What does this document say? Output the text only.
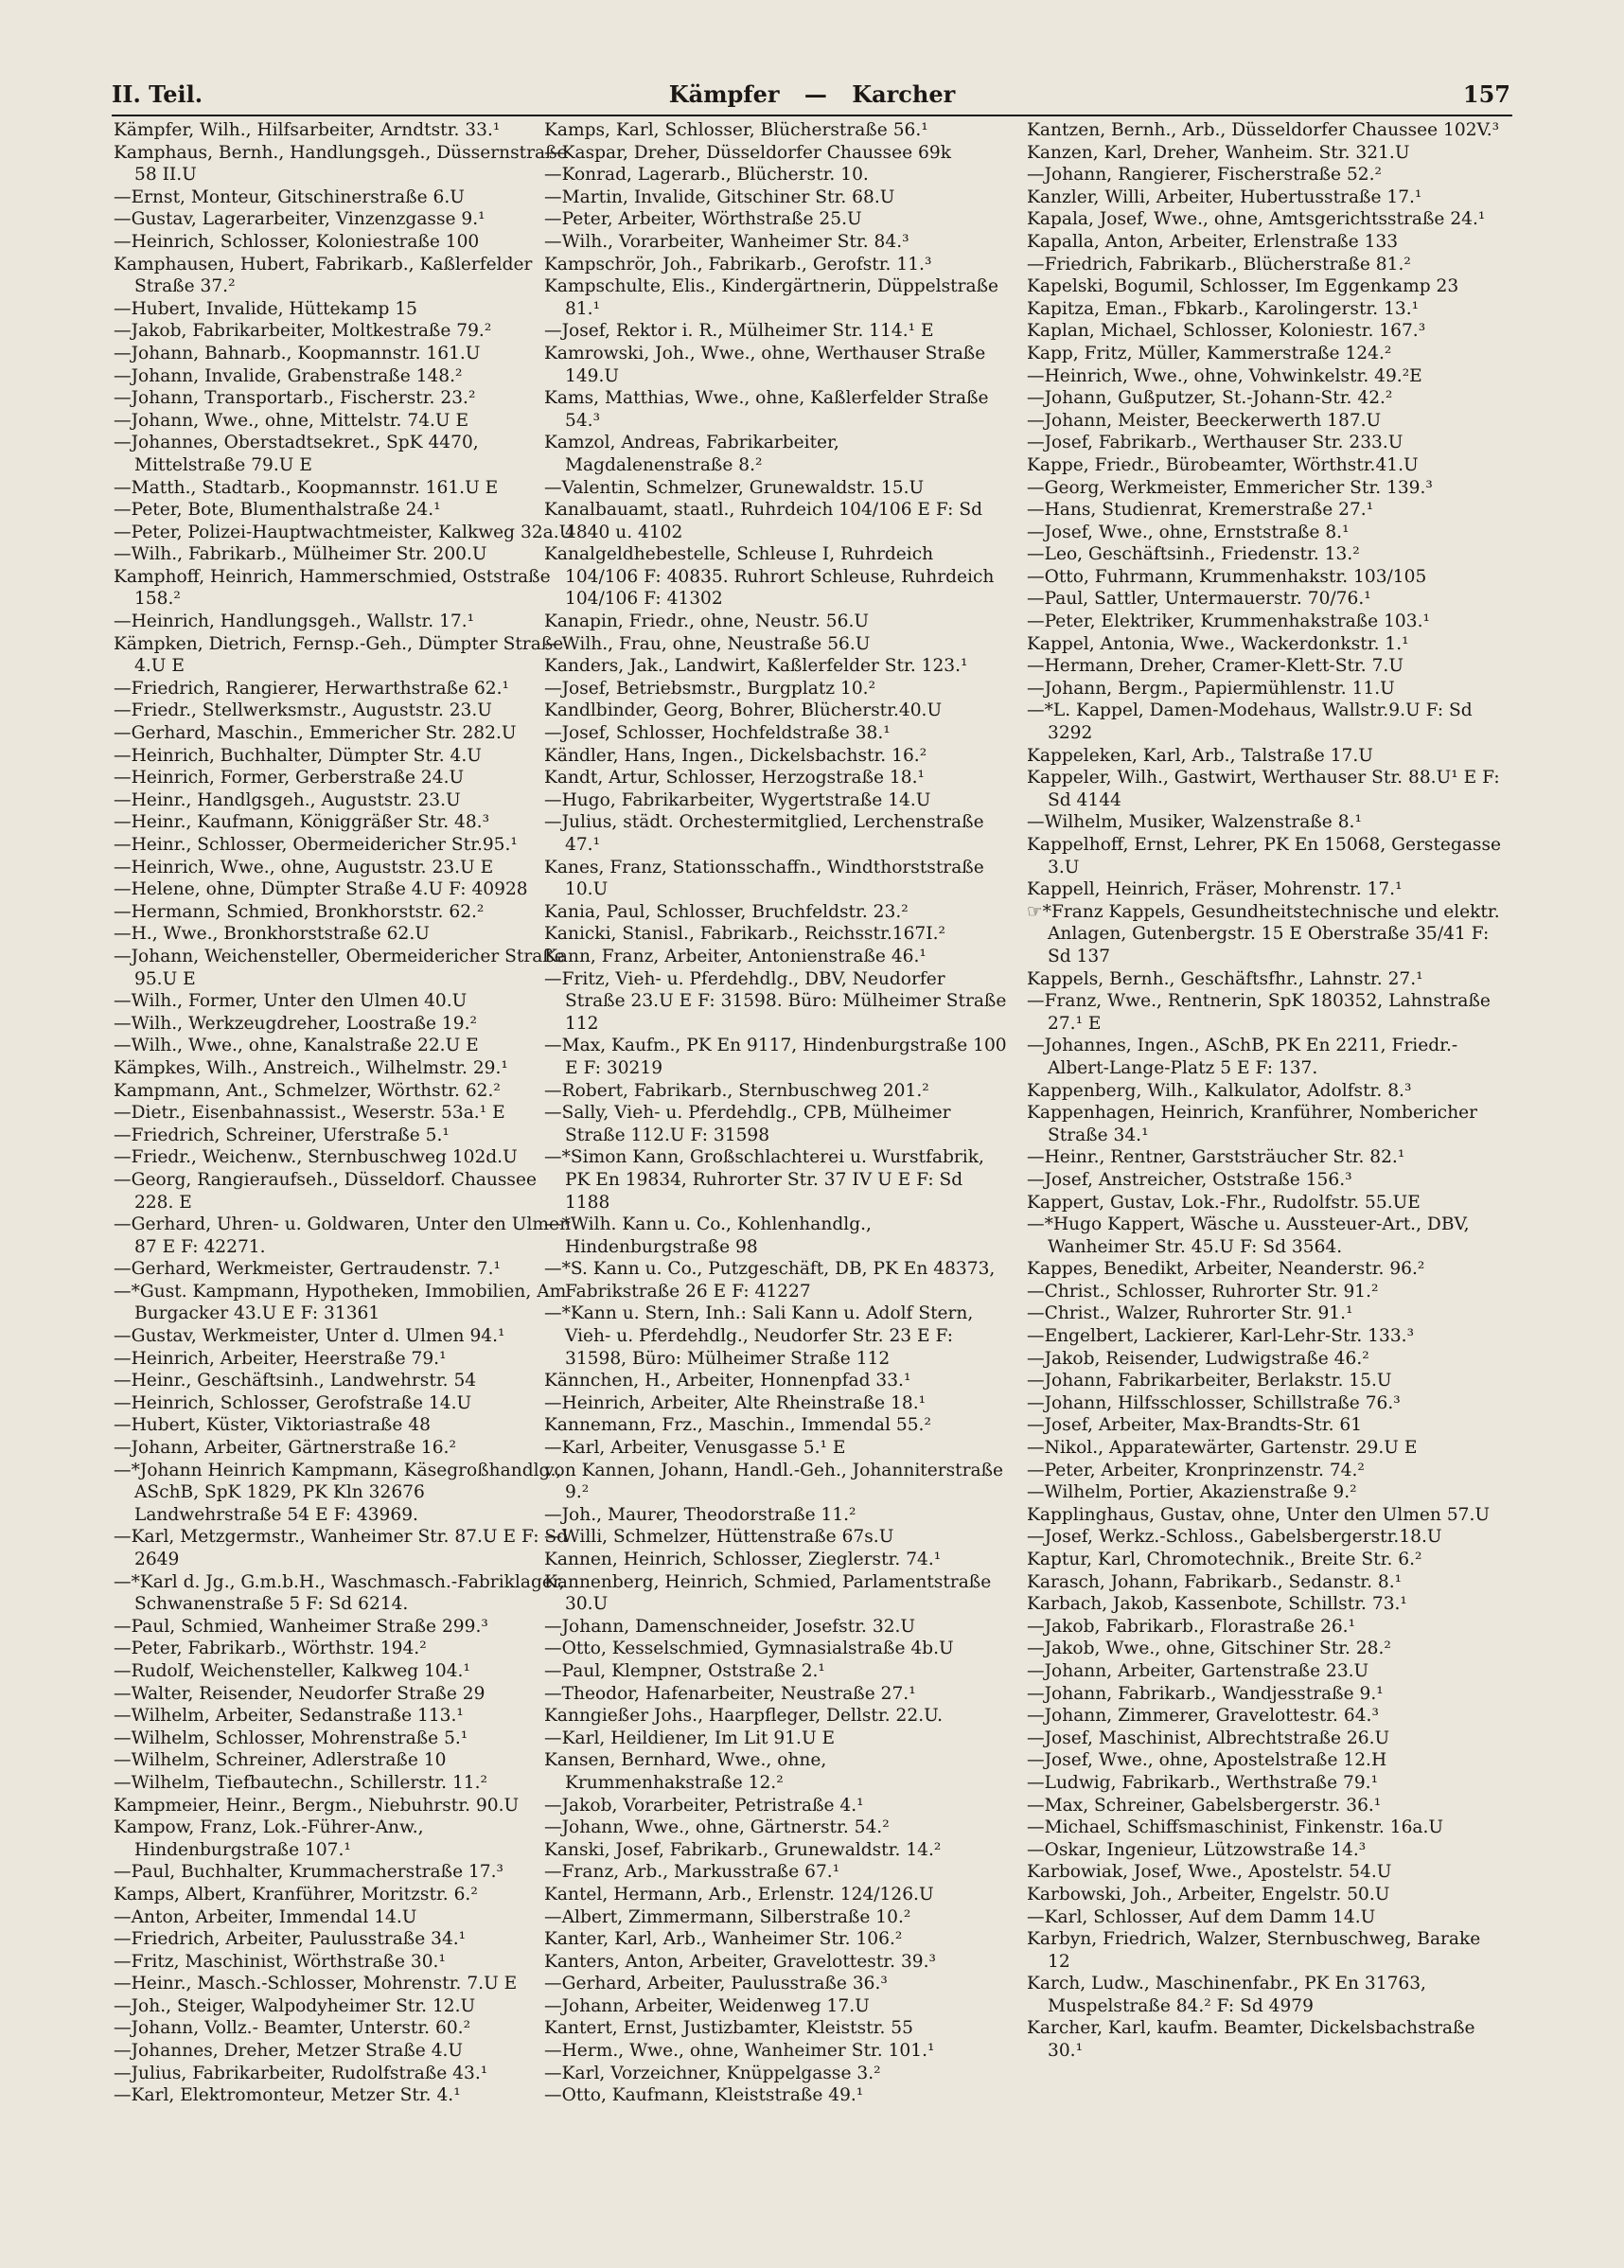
II. Teil.	Kämpfer — Karcher	157
Kämpfer, Wilh., Hilfsarbeiter, Arndtstr. 33.¹
Kamphaus, Bernh., Handlungsgeh., Düssernstraße 58 II.U
—Ernst, Monteur, Gitschinerstraße 6.U
—Gustav, Lagerarbeiter, Vinzenzgasse 9.¹
—Heinrich, Schlosser, Koloniestraße 100
Kamphausen, Hubert, Fabrikarb., Kaßlerfelder Straße 37.²
—Hubert, Invalide, Hüttekamp 15
—Jakob, Fabrikarbeiter, Moltkestraße 79.²
—Johann, Bahnarb., Koopmannstr. 161.U
—Johann, Invalide, Grabenstraße 148.²
—Johann, Transportarb., Fischerstr. 23.²
—Johann, Wwe., ohne, Mittelstr. 74.U E
—Johannes, Oberstadtsekret., SpK 4470, Mittelstraße 79.U E
—Matth., Stadtarb., Koopmannstr. 161.U E
—Peter, Bote, Blumenthalstraße 24.¹
—Peter, Polizei-Hauptwachtmeister, Kalkweg 32a.U
—Wilh., Fabrikarb., Mülheimer Str. 200.U
Kamphoff, Heinrich, Hammerschmied, Oststraße 158.²
—Heinrich, Handlungsgeh., Wallstr. 17.¹
Kämpken, Dietrich, Fernsp.-Geh., Dümpter Straße 4.U E
—Friedrich, Rangierer, Herwarthstraße 62.¹
—Friedr., Stellwerksmstr., Auguststr. 23.U
—Gerhard, Maschin., Emmericher Str. 282.U
—Heinrich, Buchhalter, Dümpter Str. 4.U
—Heinrich, Former, Gerberstraße 24.U
—Heinr., Handlgsgeh., Auguststr. 23.U
—Heinr., Kaufmann, Königgräßer Str. 48.³
—Heinr., Schlosser, Obermeidericher Str.95.¹
—Heinrich, Wwe., ohne, Auguststr. 23.U E
—Helene, ohne, Dümpter Straße 4.U F: 40928
—Hermann, Schmied, Bronkhorststr. 62.²
—H., Wwe., Bronkhorststraße 62.U
—Johann, Weichensteller, Obermeidericher Straße 95.U E
—Wilh., Former, Unter den Ulmen 40.U
—Wilh., Werkzeugdreher, Loostraße 19.²
—Wilh., Wwe., ohne, Kanalstraße 22.U E
Kämpkes, Wilh., Anstreich., Wilhelmstr. 29.¹
Kampmann, Ant., Schmelzer, Wörthstr. 62.²
—Dietr., Eisenbahnassist., Weserstr. 53a.¹ E
—Friedrich, Schreiner, Uferstraße 5.¹
—Friedr., Weichenw., Sternbuschweg 102d.U
—Georg, Rangieraufseh., Düsseldorf. Chaussee 228. E
—Gerhard, Uhren- u. Goldwaren, Unter den Ulmen 87 E F: 42271.
—Gerhard, Werkmeister, Gertraudenstr. 7.¹
—*Gust. Kampmann, Hypotheken, Immobilien, Am Burgacker 43.U E F: 31361
—Gustav, Werkmeister, Unter d. Ulmen 94.¹
—Heinrich, Arbeiter, Heerstraße 79.¹
—Heinr., Geschäftsinh., Landwehrstr. 54
—Heinrich, Schlosser, Gerofstraße 14.U
—Hubert, Küster, Viktoriastraße 48
—Johann, Arbeiter, Gärtnerstraße 16.²
—*Johann Heinrich Kampmann, Käsegroßhandlg., ASchB, SpK 1829, PK Kln 32676 Landwehrstraße 54 E F: 43969.
—Karl, Metzgermstr., Wanheimer Str. 87.U E F: Sd 2649
—*Karl d. Jg., G.m.b.H., Waschmasch.-Fabriklager, Schwanenstraße 5 F: Sd 6214.
—Paul, Schmied, Wanheimer Straße 299.³
—Peter, Fabrikarb., Wörthstr. 194.²
—Rudolf, Weichensteller, Kalkweg 104.¹
—Walter, Reisender, Neudorfer Straße 29
—Wilhelm, Arbeiter, Sedanstraße 113.¹
—Wilhelm, Schlosser, Mohrenstraße 5.¹
—Wilhelm, Schreiner, Adlerstraße 10
—Wilhelm, Tiefbautechn., Schillerstr. 11.²
Kampmeier, Heinr., Bergm., Niebuhrstr. 90.U
Kampow, Franz, Lok.-Führer-Anw., Hindenburgstraße 107.¹
—Paul, Buchhalter, Krummacherstraße 17.³
Kamps, Albert, Kranführer, Moritzstr. 6.²
—Anton, Arbeiter, Immendal 14.U
—Friedrich, Arbeiter, Paulusstraße 34.¹
—Fritz, Maschinist, Wörthstraße 30.¹
—Heinr., Masch.-Schlosser, Mohrenstr. 7.U E
—Joh., Steiger, Walpodyheimer Str. 12.U
—Johann, Vollz.- Beamter, Unterstr. 60.²
—Johannes, Dreher, Metzer Straße 4.U
—Julius, Fabrikarbeiter, Rudolfstraße 43.¹
—Karl, Elektromonteur, Metzer Str. 4.¹
Kamps, Karl, Schlosser, Blücherstraße 56.¹
—Kaspar, Dreher, Düsseldorfer Chaussee 69k
—Konrad, Lagerarb., Blücherstr. 10.
—Martin, Invalide, Gitschiner Str. 68.U
—Peter, Arbeiter, Wörthstraße 25.U
—Wilh., Vorarbeiter, Wanheimer Str. 84.³
Kampschrör, Joh., Fabrikarb., Gerofstr. 11.³
Kampschulte, Elis., Kindergärtnerin, Düppelstraße 81.¹
—Josef, Rektor i. R., Mülheimer Str. 114.¹ E
Kamrowski, Joh., Wwe., ohne, Werthauser Straße 149.U
Kams, Matthias, Wwe., ohne, Kaßlerfelder Straße 54.³
Kamzol, Andreas, Fabrikarbeiter, Magdalenenstraße 8.²
—Valentin, Schmelzer, Grunewaldstr. 15.U
Kanalbauamt, staatl., Ruhrdeich 104/106 E F: Sd 4840 u. 4102
Kanalgeldhebestelle, Schleuse I, Ruhrdeich 104/106 F: 40835. Ruhrort Schleuse, Ruhrdeich 104/106 F: 41302
Kanapin, Friedr., ohne, Neustr. 56.U
—Wilh., Frau, ohne, Neustraße 56.U
Kanders, Jak., Landwirt, Kaßlerfelder Str. 123.¹
—Josef, Betriebsmstr., Burgplatz 10.²
Kandlbinder, Georg, Bohrer, Blücherstr.40.U
—Josef, Schlosser, Hochfeldstraße 38.¹
Kändler, Hans, Ingen., Dickelsbachstr. 16.²
Kandt, Artur, Schlosser, Herzogstraße 18.¹
—Hugo, Fabrikarbeiter, Wygertstraße 14.U
—Julius, städt. Orchestermitglied, Lerchenstraße 47.¹
Kanes, Franz, Stationsschaffn., Windthorststraße 10.U
Kania, Paul, Schlosser, Bruchfeldstr. 23.²
Kanicki, Stanisl., Fabrikarb., Reichsstr.167I.²
Kann, Franz, Arbeiter, Antonienstraße 46.¹
—Fritz, Vieh- u. Pferdehdlg., DBV, Neudorfer Straße 23.U E F: 31598. Büro: Mülheimer Straße 112
—Max, Kaufm., PK En 9117, Hindenburgstraße 100 E F: 30219
—Robert, Fabrikarb., Sternbuschweg 201.²
—Sally, Vieh- u. Pferdehdlg., CPB, Mülheimer Straße 112.U F: 31598
—*Simon Kann, Großschlachterei u. Wurstfabrik, PK En 19834, Ruhrorter Str. 37 IV U E F: Sd 1188
—*Wilh. Kann u. Co., Kohlenhandlg., Hindenburgstraße 98
—*S. Kann u. Co., Putzgeschäft, DB, PK En 48373, Fabrikstraße 26 E F: 41227
—*Kann u. Stern, Inh.: Sali Kann u. Adolf Stern, Vieh- u. Pferdehdlg., Neudorfer Str. 23 E F: 31598, Büro: Mülheimer Straße 112
Kännchen, H., Arbeiter, Honnenpfad 33.¹
—Heinrich, Arbeiter, Alte Rheinstraße 18.¹
Kannemann, Frz., Maschin., Immendal 55.²
—Karl, Arbeiter, Venusgasse 5.¹ E
von Kannen, Johann, Handl.-Geh., Johanniterstraße 9.²
—Joh., Maurer, Theodorstraße 11.²
—Willi, Schmelzer, Hüttenstraße 67s.U
Kannen, Heinrich, Schlosser, Zieglerstr. 74.¹
Kannenberg, Heinrich, Schmied, Parlamentstraße 30.U
—Johann, Damenschneider, Josefstr. 32.U
—Otto, Kesselschmied, Gymnasialstraße 4b.U
—Paul, Klempner, Oststraße 2.¹
—Theodor, Hafenarbeiter, Neustraße 27.¹
Kanngießer Johs., Haarpfleger, Dellstr. 22.U.
—Karl, Heildiener, Im Lit 91.U E
Kansen, Bernhard, Wwe., ohne, Krummenhakstraße 12.²
—Jakob, Vorarbeiter, Petristraße 4.¹
—Johann, Wwe., ohne, Gärtnerstr. 54.²
Kanski, Josef, Fabrikarb., Grunewaldstr. 14.²
—Franz, Arb., Markusstraße 67.¹
Kantel, Hermann, Arb., Erlenstr. 124/126.U
—Albert, Zimmermann, Silberstraße 10.²
Kanter, Karl, Arb., Wanheimer Str. 106.²
Kanters, Anton, Arbeiter, Gravelottestr. 39.³
—Gerhard, Arbeiter, Paulusstraße 36.³
—Johann, Arbeiter, Weidenweg 17.U
Kantert, Ernst, Justizbamter, Kleiststr. 55
—Herm., Wwe., ohne, Wanheimer Str. 101.¹
—Karl, Vorzeichner, Knüppelgasse 3.²
—Otto, Kaufmann, Kleiststraße 49.¹
Kantzen, Bernh., Arb., Düsseldorfer Chaussee 102V.³
Kanzen, Karl, Dreher, Wanheim. Str. 321.U
—Johann, Rangierer, Fischerstraße 52.²
Kanzler, Willi, Arbeiter, Hubertusstraße 17.¹
Kapala, Josef, Wwe., ohne, Amtsgerichtsstraße 24.¹
Kapalla, Anton, Arbeiter, Erlenstraße 133
—Friedrich, Fabrikarb., Blücherstraße 81.²
Kapelski, Bogumil, Schlosser, Im Eggenkamp 23
Kapitza, Eman., Fbkarb., Karolingerstr. 13.¹
Kaplan, Michael, Schlosser, Koloniestr. 167.³
Kapp, Fritz, Müller, Kammerstraße 124.²
—Heinrich, Wwe., ohne, Vohwinkelstr. 49.²E
—Johann, Gußputzer, St.-Johann-Str. 42.²
—Johann, Meister, Beeckerwerth 187.U
—Josef, Fabrikarb., Werthauser Str. 233.U
Kappe, Friedr., Bürobeamter, Wörthstr.41.U
—Georg, Werkmeister, Emmericher Str. 139.³
—Hans, Studienrat, Kremerstraße 27.¹
—Josef, Wwe., ohne, Ernststraße 8.¹
—Leo, Geschäftsinh., Friedenstr. 13.²
—Otto, Fuhrmann, Krummenhakstr. 103/105
—Paul, Sattler, Untermauerstr. 70/76.¹
—Peter, Elektriker, Krummenhakstraße 103.¹
Kappel, Antonia, Wwe., Wackerdonkstr. 1.¹
—Hermann, Dreher, Cramer-Klett-Str. 7.U
—Johann, Bergm., Papiermühlenstr. 11.U
—*L. Kappel, Damen-Modehaus, Wallstr.9.U F: Sd 3292
Kappeleken, Karl, Arb., Talstraße 17.U
Kappeler, Wilh., Gastwirt, Werthauser Str. 88.U¹ E F: Sd 4144
—Wilhelm, Musiker, Walzenstraße 8.¹
Kappelhoff, Ernst, Lehrer, PK En 15068, Gerstegasse 3.U
Kappell, Heinrich, Fräser, Mohrenstr. 17.¹
☞*Franz Kappels, Gesundheitstechnische und elektr. Anlagen, Gutenbergstr. 15 E Oberstraße 35/41 F: Sd 137
Kappels, Bernh., Geschäftsfhr., Lahnstr. 27.¹
—Franz, Wwe., Rentnerin, SpK 180352, Lahnstraße 27.¹ E
—Johannes, Ingen., ASchB, PK En 2211, Friedr.-Albert-Lange-Platz 5 E F: 137.
Kappenberg, Wilh., Kalkulator, Adolfstr. 8.³
Kappenhagen, Heinrich, Kranführer, Nombericher Straße 34.¹
—Heinr., Rentner, Garststräucher Str. 82.¹
—Josef, Anstreicher, Oststraße 156.³
Kappert, Gustav, Lok.-Fhr., Rudolfstr. 55.UE
—*Hugo Kappert, Wäsche u. Aussteuer-Art., DBV, Wanheimer Str. 45.U F: Sd 3564.
Kappes, Benedikt, Arbeiter, Neanderstr. 96.²
—Christ., Schlosser, Ruhrorter Str. 91.²
—Christ., Walzer, Ruhrorter Str. 91.¹
—Engelbert, Lackierer, Karl-Lehr-Str. 133.³
—Jakob, Reisender, Ludwigstraße 46.²
—Johann, Fabrikarbeiter, Berlakstr. 15.U
—Johann, Hilfsschlosser, Schillstraße 76.³
—Josef, Arbeiter, Max-Brandts-Str. 61
—Nikol., Apparatewärter, Gartenstr. 29.U E
—Peter, Arbeiter, Kronprinzenstr. 74.²
—Wilhelm, Portier, Akazienstraße 9.²
Kapplinghaus, Gustav, ohne, Unter den Ulmen 57.U
—Josef, Werkz.-Schloss., Gabelsbergerstr.18.U
Kaptur, Karl, Chromotechnik., Breite Str. 6.²
Karasch, Johann, Fabrikarb., Sedanstr. 8.¹
Karbach, Jakob, Kassenbote, Schillstr. 73.¹
—Jakob, Fabrikarb., Florastraße 26.¹
—Jakob, Wwe., ohne, Gitschiner Str. 28.²
—Johann, Arbeiter, Gartenstraße 23.U
—Johann, Fabrikarb., Wandjesstraße 9.¹
—Johann, Zimmerer, Gravelottestr. 64.³
—Josef, Maschinist, Albrechtstraße 26.U
—Josef, Wwe., ohne, Apostelstraße 12.H
—Ludwig, Fabrikarb., Werthstraße 79.¹
—Max, Schreiner, Gabelsbergerstr. 36.¹
—Michael, Schiffsmaschinist, Finkenstr. 16a.U
—Oskar, Ingenieur, Lützowstraße 14.³
Karbowiak, Josef, Wwe., Apostelstr. 54.U
Karbowski, Joh., Arbeiter, Engelstr. 50.U
—Karl, Schlosser, Auf dem Damm 14.U
Karbyn, Friedrich, Walzer, Sternbuschweg, Barake 12
Karch, Ludw., Maschinenfabr., PK En 31763, Muspelstraße 84.² F: Sd 4979
Karcher, Karl, kaufm. Beamter, Dickelsbachstraße 30.¹
